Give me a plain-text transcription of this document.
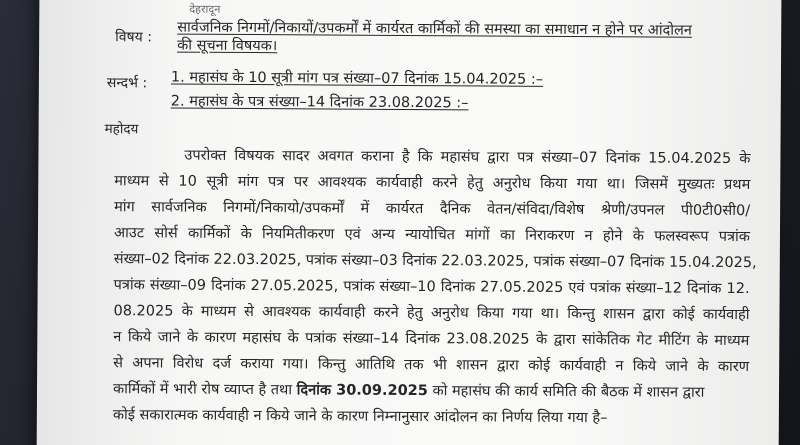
देहरादून
विषय : सार्वजनिक निगमों/निकायों/उपकर्मों में कार्यरत कार्मिकों की समस्या का समाधान न होने पर आंदोलन
की सूचना विषयक।
सन्दर्भ : 1. महासंघ के 10 सूत्री मांग पत्र संख्या–07 दिनांक 15.04.2025 :–
2. महासंघ के पत्र संख्या–14 दिनांक 23.08.2025 :–
महोदय
उपरोक्त विषयक सादर अवगत कराना है कि महासंघ द्वारा पत्र संख्या–07 दिनांक 15.04.2025 के
माध्यम से 10 सूत्री मांग पत्र पर आवश्यक कार्यवाही करने हेतु अनुरोध किया गया था। जिसमें मुख्यतः प्रथम
मांग सार्वजनिक निगमों/निकायो/उपकर्मों में कार्यरत दैनिक वेतन/संविदा/विशेष श्रेणी/उपनल पी0टी0सी0/
आउट सोर्स कार्मिकों के नियमितीकरण एवं अन्य न्यायोचित मांगों का निराकरण न होने के फलस्वरूप पत्रांक
संख्या–02 दिनांक 22.03.2025, पत्रांक संख्या–03 दिनांक 22.03.2025, पत्रांक संख्या–07 दिनांक 15.04.2025,
पत्रांक संख्या–09 दिनांक 27.05.2025, पत्रांक संख्या–10 दिनांक 27.05.2025 एवं पत्रांक संख्या–12 दिनांक 12.
08.2025 के माध्यम से आवश्यक कार्यवाही करने हेतु अनुरोध किया गया था। किन्तु शासन द्वारा कोई कार्यवाही
न किये जाने के कारण महासंघ के पत्रांक संख्या–14 दिनांक 23.08.2025 के द्वारा सांकेतिक गेट मीटिंग के माध्यम
से अपना विरोध दर्ज कराया गया। किन्तु आतिथि तक भी शासन द्वारा कोई कार्यवाही न किये जाने के कारण
कार्मिकों में भारी रोष व्याप्त है तथा दिनांक 30.09.2025 को महासंघ की कार्य समिति की बैठक में शासन द्वारा
कोई सकारात्मक कार्यवाही न किये जाने के कारण निम्नानुसार आंदोलन का निर्णय लिया गया है–
